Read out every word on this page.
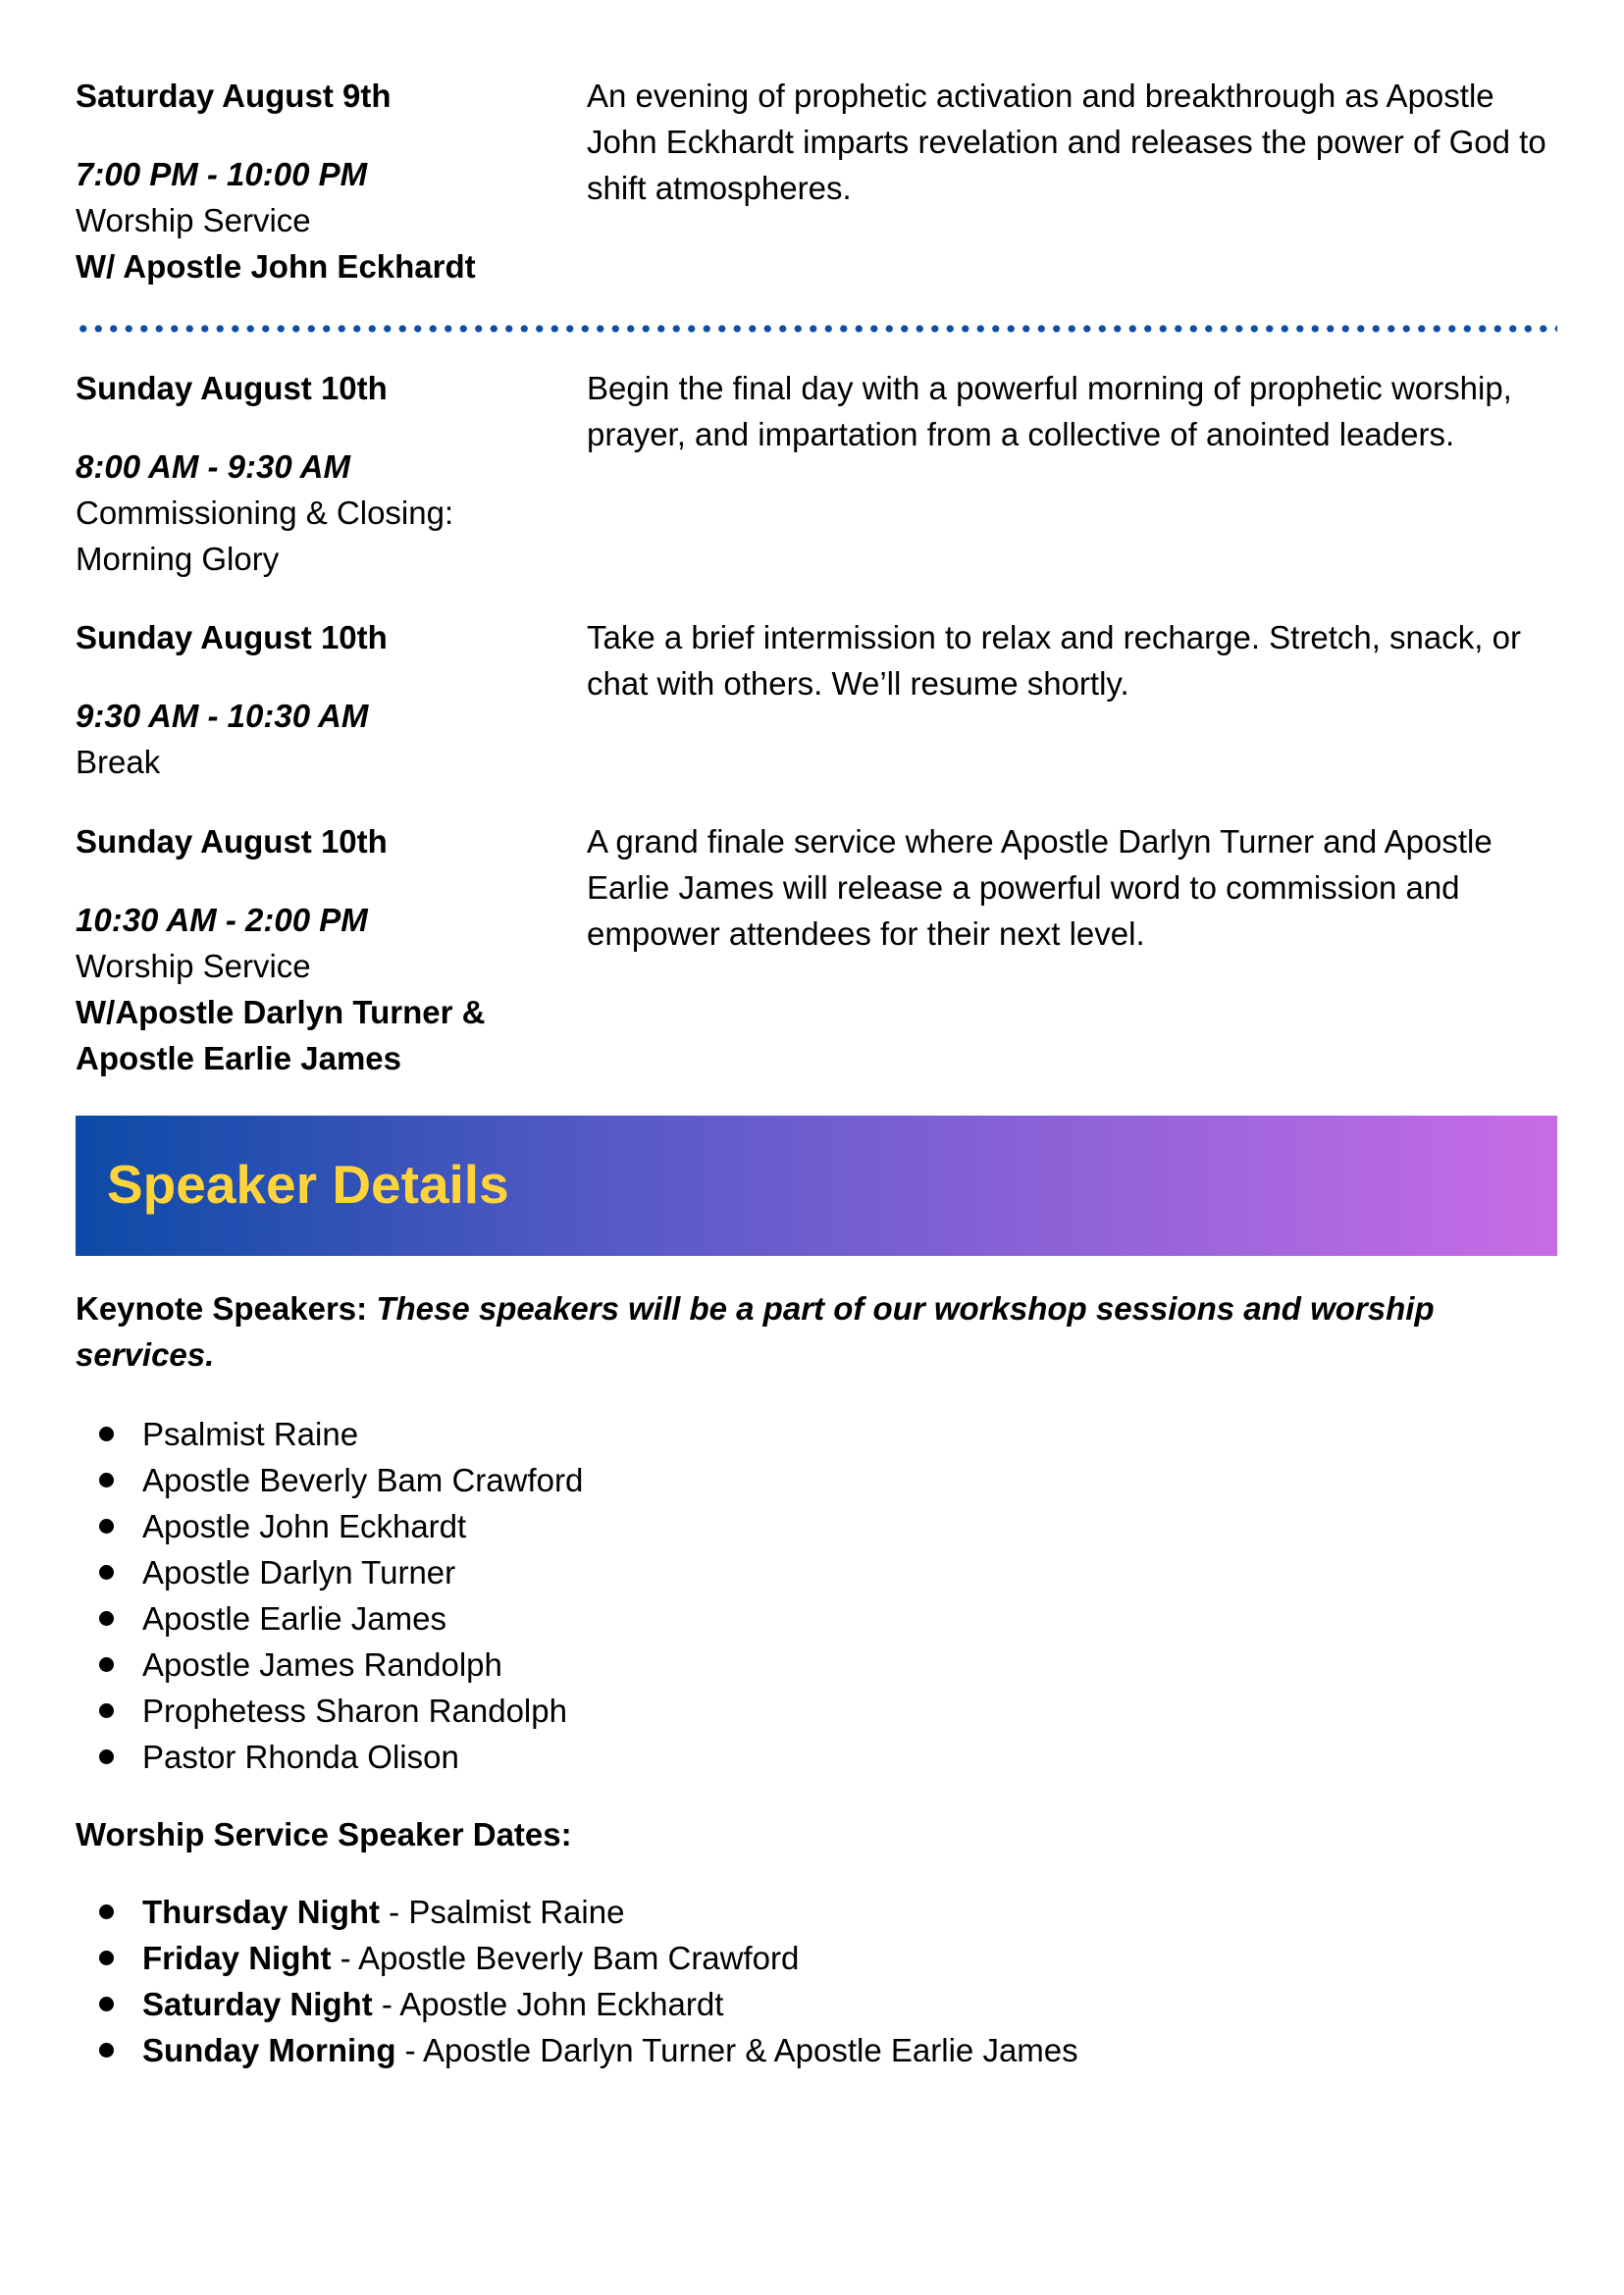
Saturday August 9th
7:00 PM - 10:00 PM
Worship Service
W/ Apostle John Eckhardt
An evening of prophetic activation and breakthrough as Apostle John Eckhardt imparts revelation and releases the power of God to shift atmospheres.
Sunday August 10th
8:00 AM - 9:30 AM
Commissioning & Closing:
Morning Glory
Begin the final day with a powerful morning of prophetic worship, prayer, and impartation from a collective of anointed leaders.
Sunday August 10th
9:30 AM - 10:30 AM
Break
Take a brief intermission to relax and recharge. Stretch, snack, or chat with others. We’ll resume shortly.
Sunday August 10th
10:30 AM - 2:00 PM
Worship Service
W/Apostle Darlyn Turner &
Apostle Earlie James
A grand finale service where Apostle Darlyn Turner and Apostle Earlie James will release a powerful word to commission and empower attendees for their next level.
Speaker Details
Keynote Speakers: These speakers will be a part of our workshop sessions and worship services.
Psalmist Raine
Apostle Beverly Bam Crawford
Apostle John Eckhardt
Apostle Darlyn Turner
Apostle Earlie James
Apostle James Randolph
Prophetess Sharon Randolph
Pastor Rhonda Olison
Worship Service Speaker Dates:
Thursday Night - Psalmist Raine
Friday Night - Apostle Beverly Bam Crawford
Saturday Night - Apostle John Eckhardt
Sunday Morning - Apostle Darlyn Turner & Apostle Earlie James
